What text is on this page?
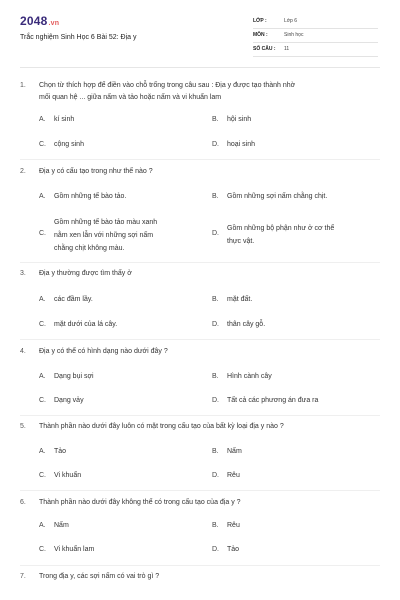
2048.vn
Trắc nghiệm Sinh Học 6 Bài 52: Địa y
LỚP :	Lớp 6
MÔN :	Sinh học
SỐ CÂU : 11
1. Chọn từ thích hợp để điền vào chỗ trống trong câu sau : Địa y được tạo thành nhờ
mối quan hệ ... giữa nấm và tảo hoặc nấm và vi khuẩn lam
A. kí sinh	B. hội sinh
C. cộng sinh	D. hoại sinh
2. Địa y có cấu tạo trong như thế nào ?
A. Gồm những tế bào tảo.	B. Gồm những sợi nấm chằng chịt.
C.
Gồm những tế bào tảo màu xanh
nằm xen lẫn với những sợi nấm
chằng chịt không màu.
D.
Gồm những bộ phận như ở cơ thể
thực vật.
3. Địa y thường được tìm thấy ở
A. các đầm lầy.	B. mặt đất.
C. mặt dưới của lá cây.	D. thân cây gỗ.
4. Địa y có thể có hình dạng nào dưới đây ?
A. Dạng bụi sợi	B. Hình cành cây
C. Dạng vảy	D. Tất cả các phương án đưa ra
5. Thành phần nào dưới đây luôn có mặt trong cấu tạo của bất kỳ loại địa y nào ?
A. Tảo	B. Nấm
C. Vi khuẩn	D. Rêu
6. Thành phần nào dưới đây không thể có trong cấu tạo của địa y ?
A. Nấm	B. Rêu
C. Vi khuẩn lam	D. Tảo
7. Trong địa y, các sợi nấm có vai trò gì ?
